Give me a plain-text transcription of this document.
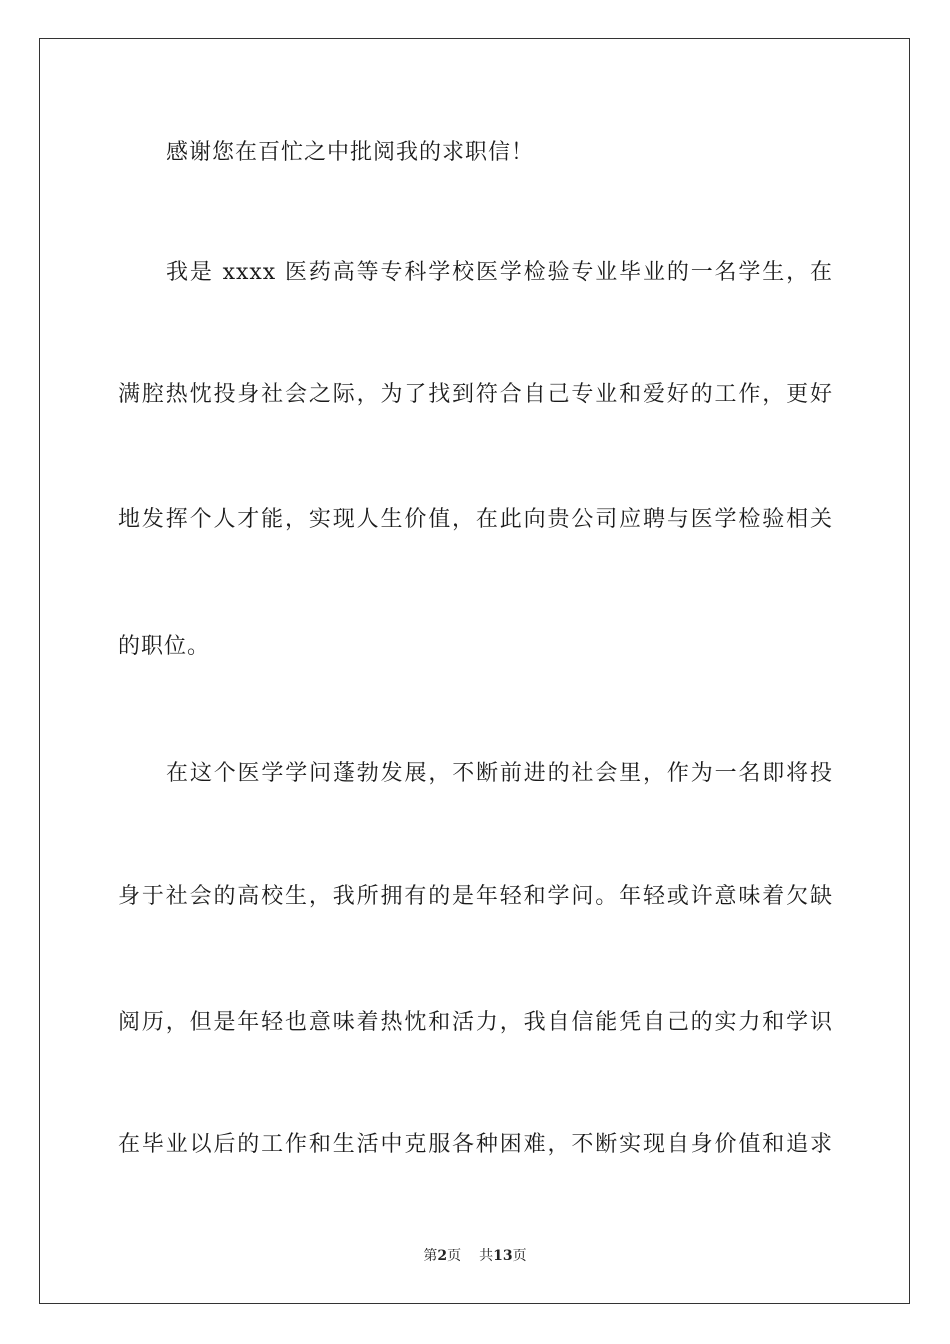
感谢您在百忙之中批阅我的求职信！
我是 xxxx 医药高等专科学校医学检验专业毕业的一名学生，在
满腔热忱投身社会之际，为了找到符合自己专业和爱好的工作，更好
地发挥个人才能，实现人生价值，在此向贵公司应聘与医学检验相关
的职位。
在这个医学学问蓬勃发展，不断前进的社会里，作为一名即将投
身于社会的高校生，我所拥有的是年轻和学问。年轻或许意味着欠缺
阅历，但是年轻也意味着热忱和活力，我自信能凭自己的实力和学识
在毕业以后的工作和生活中克服各种困难，不断实现自身价值和追求
第2页 共13页
